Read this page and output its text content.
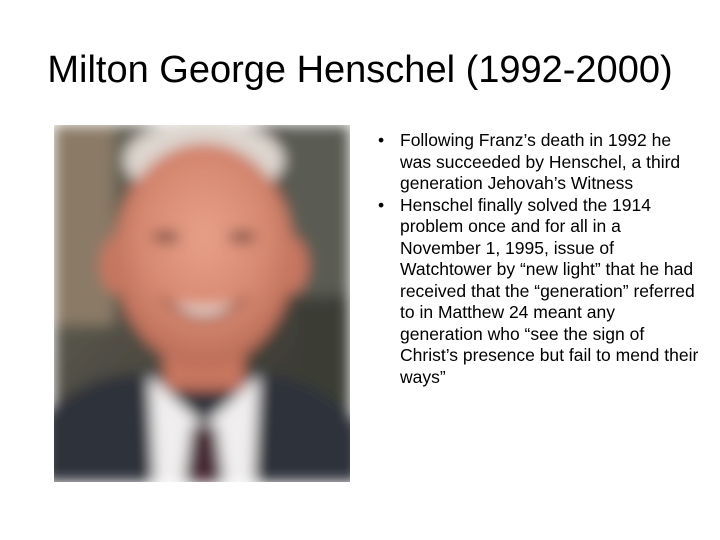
Milton George Henschel (1992-2000)
• Following Franz’s death in 1992 he was succeeded by Henschel, a third generation Jehovah’s Witness
• Henschel finally solved the 1914 problem once and for all in a November 1, 1995, issue of Watchtower by “new light” that he had received that the “generation” referred to in Matthew 24 meant any generation who “see the sign of Christ’s presence but fail to mend their ways”
